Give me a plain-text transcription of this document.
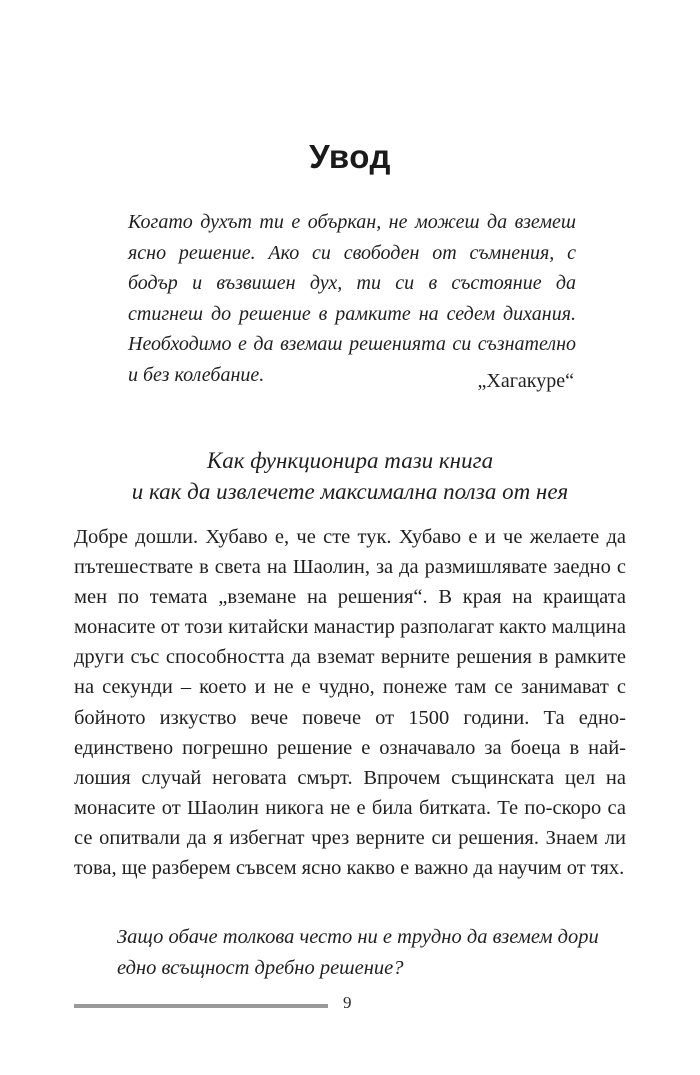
Увод

Когато духът ти е объркан, не можеш да вземеш ясно решение. Ако си свободен от съмнения, с бодър и възвишен дух, ти си в състояние да стигнеш до решение в рамките на седем дихания. Необходимо е да вземаш решенията си съзнателно и без колебание.	„Хагакуре“

Как функционира тази книга
и как да извлечете максимална полза от нея

Добре дошли. Хубаво е, че сте тук. Хубаво е и че желаете да пътешествате в света на Шаолин, за да размишлявате заедно с мен по темата „вземане на решения“. В края на краищата монасите от този китайски манастир разполагат както малцина други със способността да вземат верните решения в рамките на секунди – което и не е чудно, понеже там се занимават с бойното изкуство вече повече от 1500 години. Та едно-единствено погрешно решение е означавало за боеца в най-лошия случай неговата смърт. Впрочем същинската цел на монасите от Шаолин никога не е била битката. Те по-скоро са се опитвали да я избегнат чрез верните си решения. Знаем ли това, ще разберем съвсем ясно какво е важно да научим от тях.

Защо обаче толкова често ни е трудно да вземем дори едно всъщност дребно решение?

9
